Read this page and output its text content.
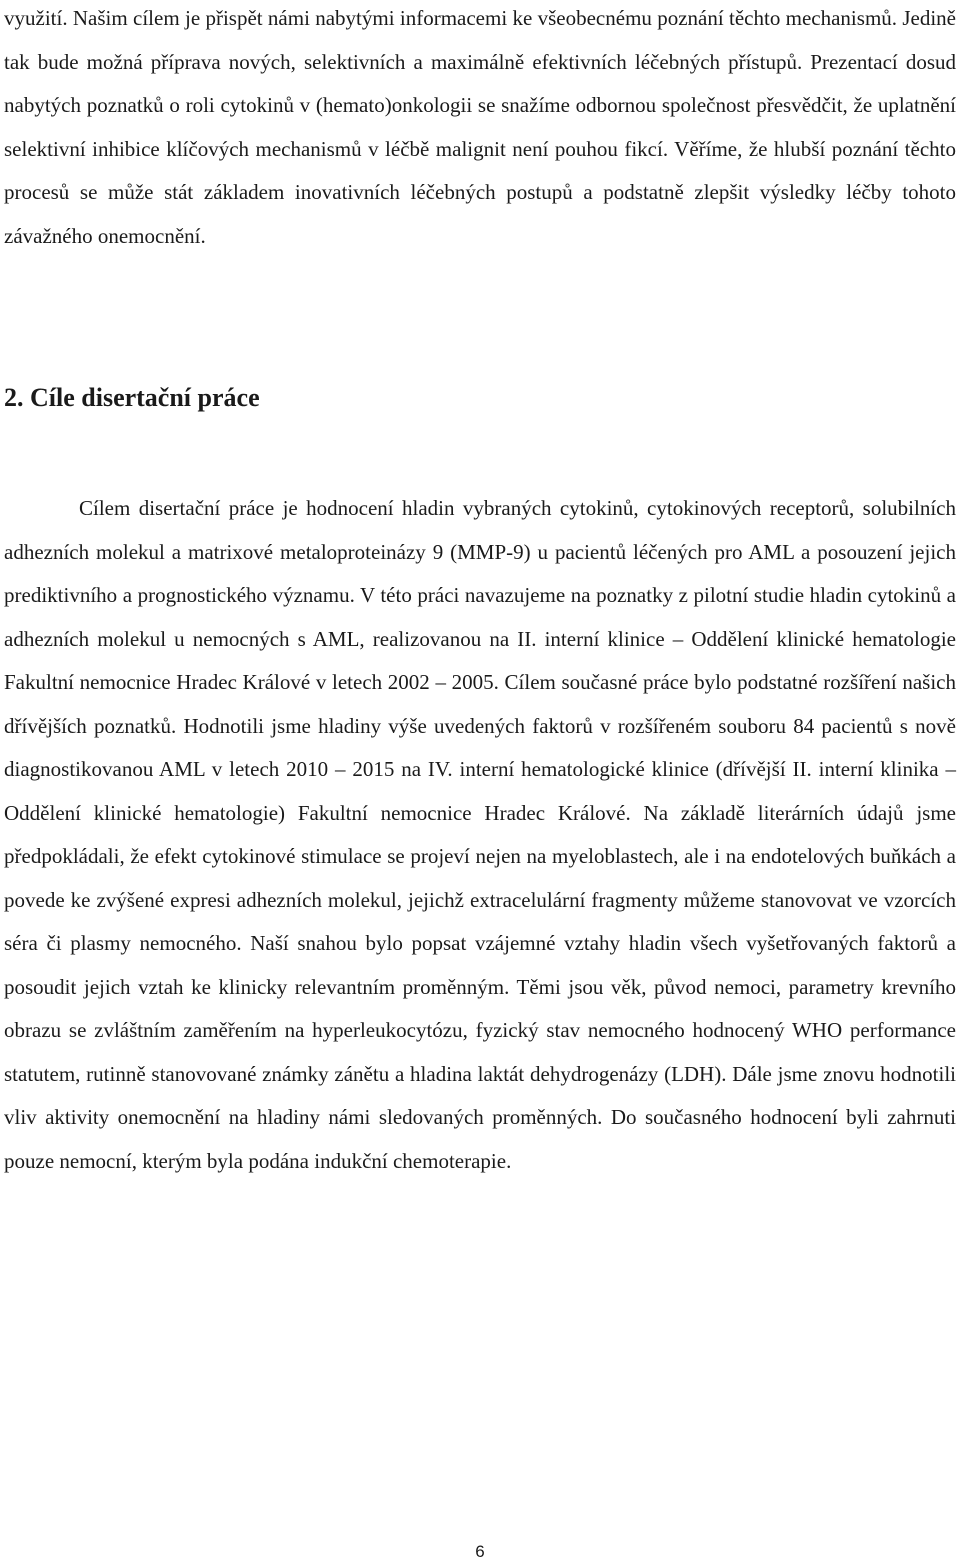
využití. Našim cílem je přispět námi nabytými informacemi ke všeobecnému poznání těchto mechanismů. Jedině tak bude možná příprava nových, selektivních a maximálně efektivních léčebných přístupů. Prezentací dosud nabytých poznatků o roli cytokinů v (hemato)onkologii se snažíme odbornou společnost přesvědčit, že uplatnění selektivní inhibice klíčových mechanismů v léčbě malignit není pouhou fikcí. Věříme, že hlubší poznání těchto procesů se může stát základem inovativních léčebných postupů a podstatně zlepšit výsledky léčby tohoto závažného onemocnění.

2. Cíle disertační práce

Cílem disertační práce je hodnocení hladin vybraných cytokinů, cytokinových receptorů, solubilních adhezních molekul a matrixové metaloproteinázy 9 (MMP-9) u pacientů léčených pro AML a posouzení jejich prediktivního a prognostického významu. V této práci navazujeme na poznatky z pilotní studie hladin cytokinů a adhezních molekul u nemocných s AML, realizovanou na II. interní klinice – Oddělení klinické hematologie Fakultní nemocnice Hradec Králové v letech 2002 – 2005. Cílem současné práce bylo podstatné rozšíření našich dřívějších poznatků. Hodnotili jsme hladiny výše uvedených faktorů v rozšířeném souboru 84 pacientů s nově diagnostikovanou AML v letech 2010 – 2015 na IV. interní hematologické klinice (dřívější II. interní klinika – Oddělení klinické hematologie) Fakultní nemocnice Hradec Králové. Na základě literárních údajů jsme předpokládali, že efekt cytokinové stimulace se projeví nejen na myeloblastech, ale i na endotelových buňkách a povede ke zvýšené expresi adhezních molekul, jejichž extracelulární fragmenty můžeme stanovovat ve vzorcích séra či plasmy nemocného. Naší snahou bylo popsat vzájemné vztahy hladin všech vyšetřovaných faktorů a posoudit jejich vztah ke klinicky relevantním proměnným. Těmi jsou věk, původ nemoci, parametry krevního obrazu se zvláštním zaměřením na hyperleukocytózu, fyzický stav nemocného hodnocený WHO performance statutem, rutinně stanovované známky zánětu a hladina laktát dehydrogenázy (LDH). Dále jsme znovu hodnotili vliv aktivity onemocnění na hladiny námi sledovaných proměnných. Do současného hodnocení byli zahrnuti pouze nemocní, kterým byla podána indukční chemoterapie.

6
